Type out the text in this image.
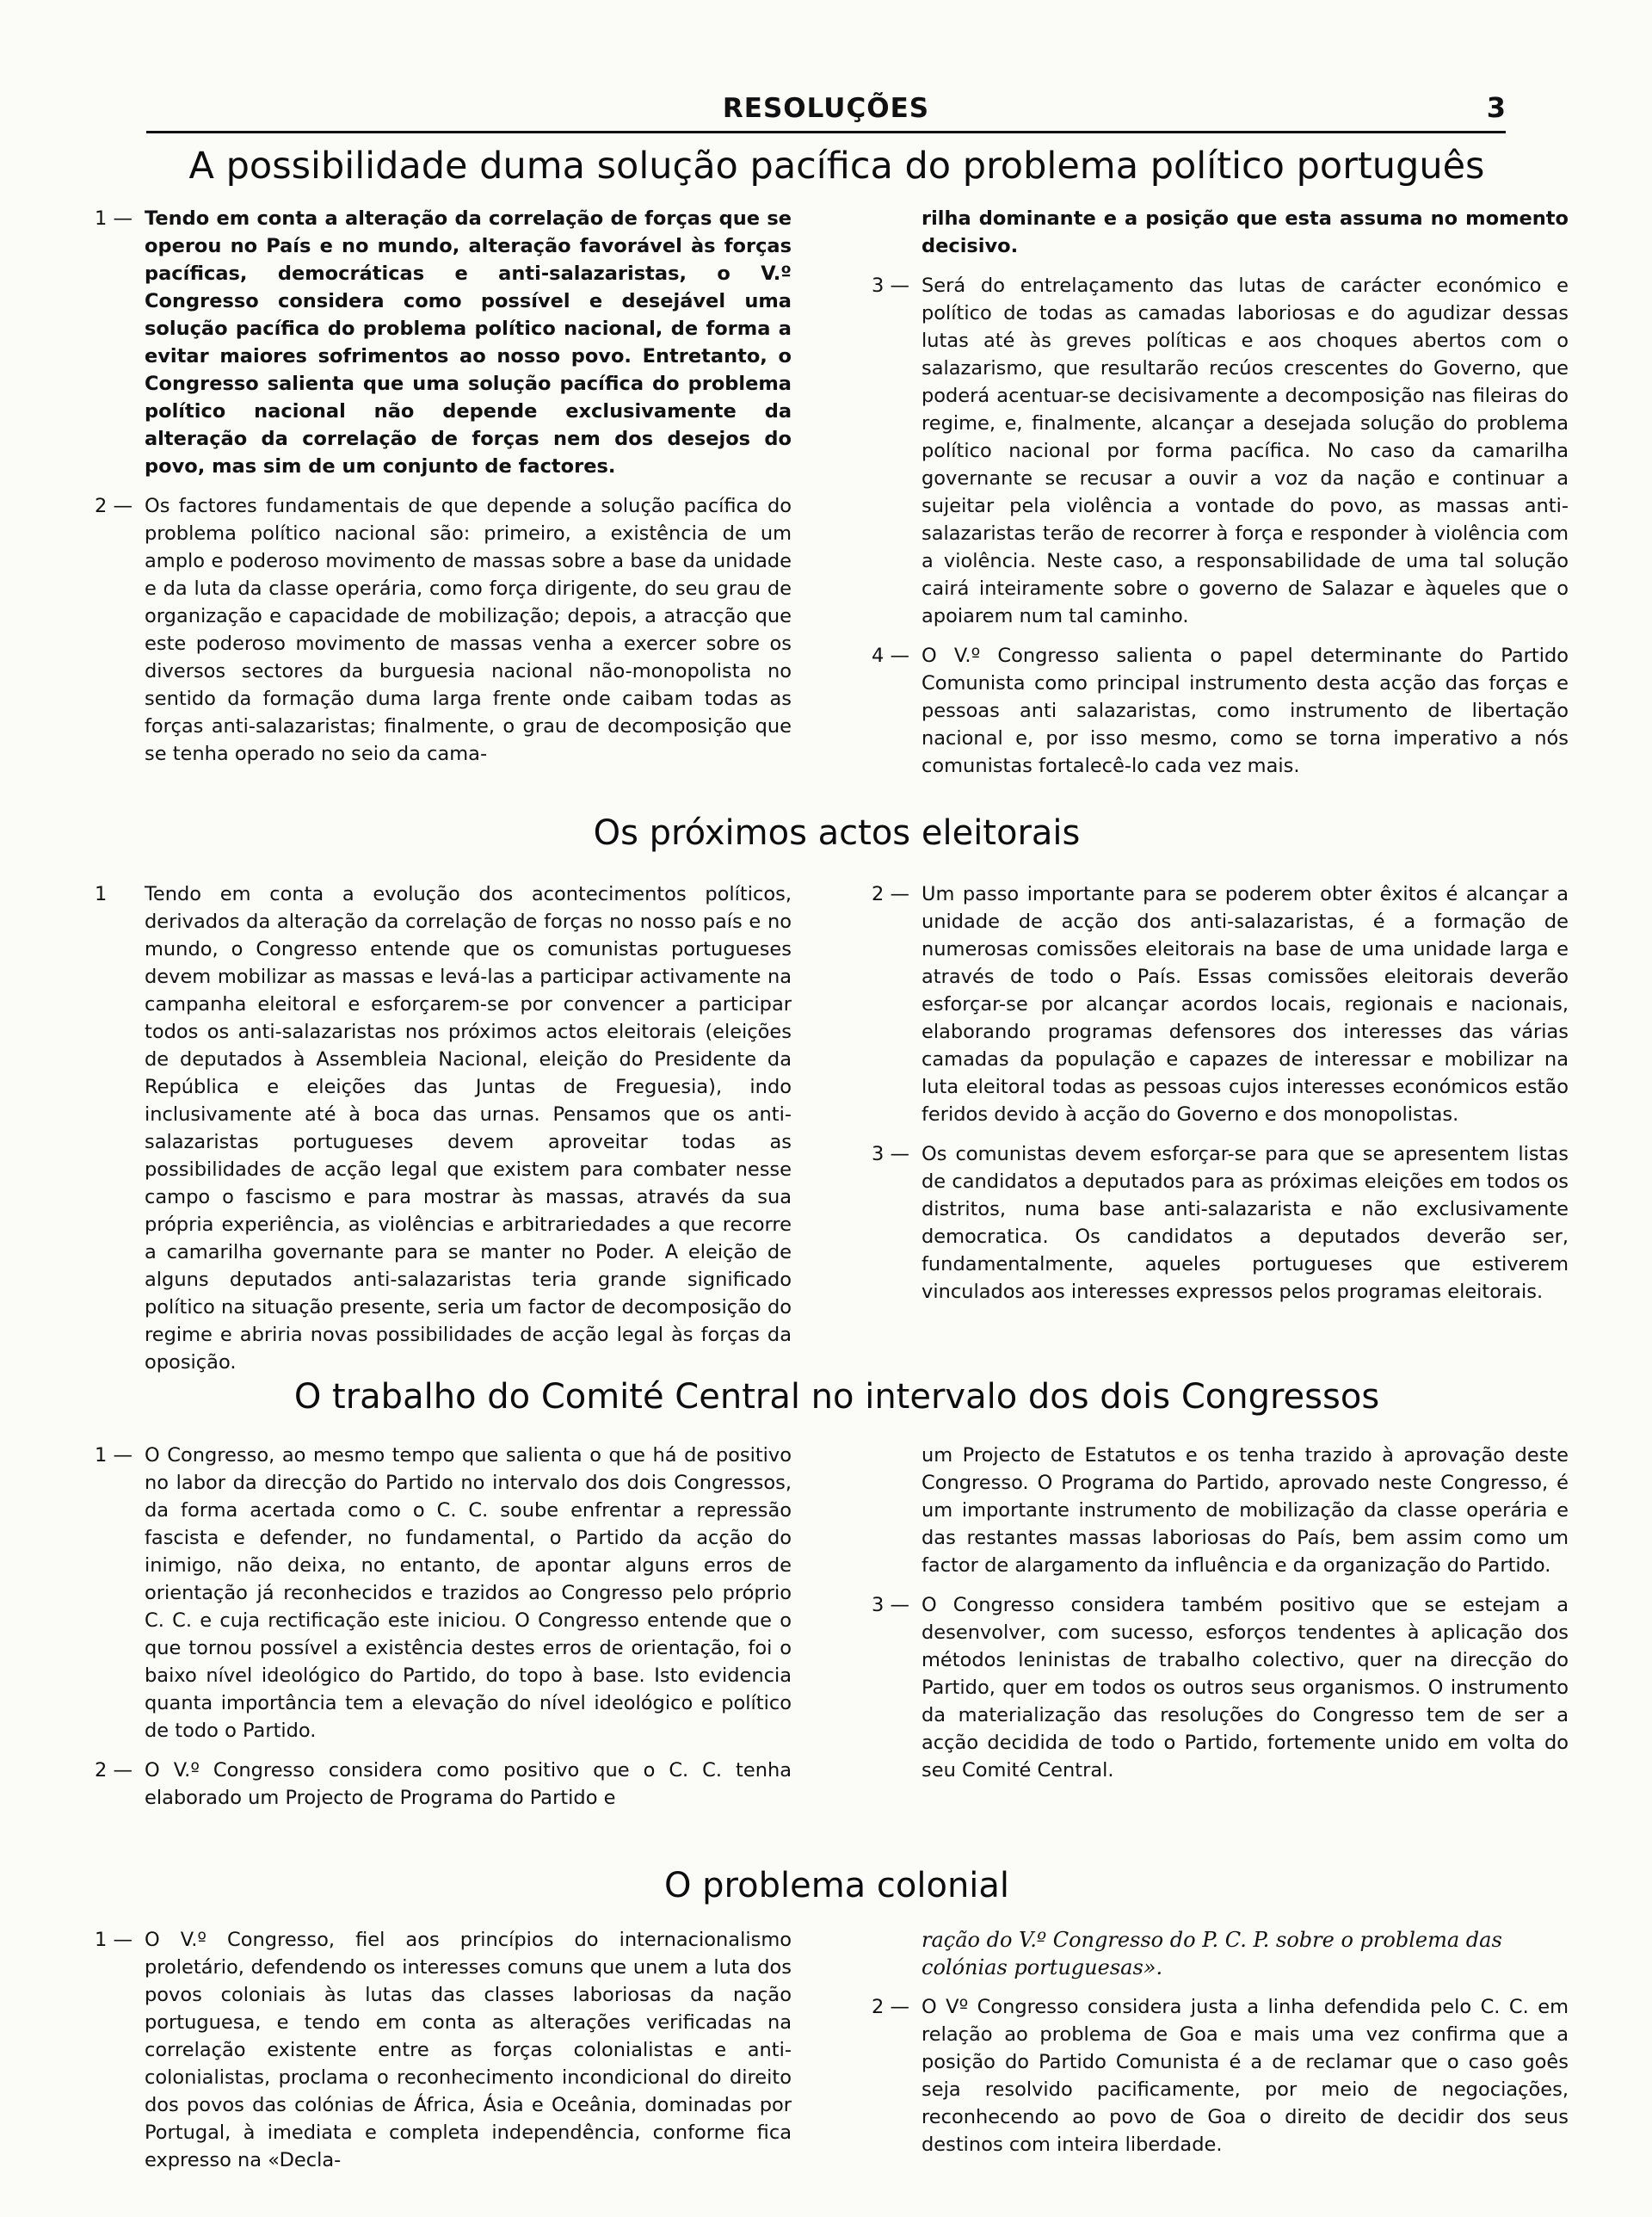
RESOLUÇÕES	3
A possibilidade duma solução pacífica do problema político português
1 — Tendo em conta a alteração da correlação de forças que se operou no País e no mundo, alteração favorável às forças pacíficas, democráticas e anti-salazaristas, o V.º Congresso considera como possível e desejável uma solução pacífica do problema político nacional, de forma a evitar maiores sofrimentos ao nosso povo. Entretanto, o Congresso salienta que uma solução pacífica do problema político nacional não depende exclusivamente da alteração da correlação de forças nem dos desejos do povo, mas sim de um conjunto de factores.
2 — Os factores fundamentais de que depende a solução pacífica do problema político nacional são: primeiro, a existência de um amplo e poderoso movimento de massas sobre a base da unidade e da luta da classe operária, como força dirigente, do seu grau de organização e capacidade de mobilização; depois, a atracção que este poderoso movimento de massas venha a exercer sobre os diversos sectores da burguesia nacional não-monopolista no sentido da formação duma larga frente onde caibam todas as forças anti-salazaristas; finalmente, o grau de decomposição que se tenha operado no seio da cama-
rilha dominante e a posição que esta assuma no momento decisivo.
3 — Será do entrelaçamento das lutas de carácter económico e político de todas as camadas laboriosas e do agudizar dessas lutas até às greves políticas e aos choques abertos com o salazarismo, que resultarão recúos crescentes do Governo, que poderá acentuar-se decisivamente a decomposição nas fileiras do regime, e, finalmente, alcançar a desejada solução do problema político nacional por forma pacífica. No caso da camarilha governante se recusar a ouvir a voz da nação e continuar a sujeitar pela violência a vontade do povo, as massas anti-salazaristas terão de recorrer à força e responder à violência com a violência. Neste caso, a responsabilidade de uma tal solução cairá inteiramente sobre o governo de Salazar e àqueles que o apoiarem num tal caminho.
4 — O V.º Congresso salienta o papel determinante do Partido Comunista como principal instrumento desta acção das forças e pessoas anti salazaristas, como instrumento de libertação nacional e, por isso mesmo, como se torna imperativo a nós comunistas fortalecê-lo cada vez mais.
Os próximos actos eleitorais
1	Tendo em conta a evolução dos acontecimentos políticos, derivados da alteração da correlação de forças no nosso país e no mundo, o Congresso entende que os comunistas portugueses devem mobilizar as massas e levá-las a participar activamente na campanha eleitoral e esforçarem-se por convencer a participar todos os anti-salazaristas nos próximos actos eleitorais (eleições de deputados à Assembleia Nacional, eleição do Presidente da República e eleições das Juntas de Freguesia), indo inclusivamente até à boca das urnas. Pensamos que os anti-salazaristas portugueses devem aproveitar todas as possibilidades de acção legal que existem para combater nesse campo o fascismo e para mostrar às massas, através da sua própria experiência, as violências e arbitrariedades a que recorre a camarilha governante para se manter no Poder. A eleição de alguns deputados anti-salazaristas teria grande significado político na situação presente, seria um factor de decomposição do regime e abriria novas possibilidades de acção legal às forças da oposição.
2 — Um passo importante para se poderem obter êxitos é alcançar a unidade de acção dos anti-salazaristas, é a formação de numerosas comissões eleitorais na base de uma unidade larga e através de todo o País. Essas comissões eleitorais deverão esforçar-se por alcançar acordos locais, regionais e nacionais, elaborando programas defensores dos interesses das várias camadas da população e capazes de interessar e mobilizar na luta eleitoral todas as pessoas cujos interesses económicos estão feridos devido à acção do Governo e dos monopolistas.
3 — Os comunistas devem esforçar-se para que se apresentem listas de candidatos a deputados para as próximas eleições em todos os distritos, numa base anti-salazarista e não exclusivamente democratica. Os candidatos a deputados deverão ser, fundamentalmente, aqueles portugueses que estiverem vinculados aos interesses expressos pelos programas eleitorais.
O trabalho do Comité Central no intervalo dos dois Congressos
1 — O Congresso, ao mesmo tempo que salienta o que há de positivo no labor da direcção do Partido no intervalo dos dois Congressos, da forma acertada como o C. C. soube enfrentar a repressão fascista e defender, no fundamental, o Partido da acção do inimigo, não deixa, no entanto, de apontar alguns erros de orientação já reconhecidos e trazidos ao Congresso pelo próprio C. C. e cuja rectificação este iniciou. O Congresso entende que o que tornou possível a existência destes erros de orientação, foi o baixo nível ideológico do Partido, do topo à base. Isto evidencia quanta importância tem a elevação do nível ideológico e político de todo o Partido.
2 — O V.º Congresso considera como positivo que o C. C. tenha elaborado um Projecto de Programa do Partido e
um Projecto de Estatutos e os tenha trazido à aprovação deste Congresso. O Programa do Partido, aprovado neste Congresso, é um importante instrumento de mobilização da classe operária e das restantes massas laboriosas do País, bem assim como um factor de alargamento da influência e da organização do Partido.
3 — O Congresso considera também positivo que se estejam a desenvolver, com sucesso, esforços tendentes à aplicação dos métodos leninistas de trabalho colectivo, quer na direcção do Partido, quer em todos os outros seus organismos. O instrumento da materialização das resoluções do Congresso tem de ser a acção decidida de todo o Partido, fortemente unido em volta do seu Comité Central.
O problema colonial
1 — O V.º Congresso, fiel aos princípios do internacionalismo proletário, defendendo os interesses comuns que unem a luta dos povos coloniais às lutas das classes laboriosas da nação portuguesa, e tendo em conta as alterações verificadas na correlação existente entre as forças colonialistas e anti-colonialistas, proclama o reconhecimento incondicional do direito dos povos das colónias de África, Ásia e Oceânia, dominadas por Portugal, à imediata e completa independência, conforme fica expresso na «Decla-
ração do V.º Congresso do P. C. P. sobre o problema das colónias portuguesas».
2 — O Vº Congresso considera justa a linha defendida pelo C. C. em relação ao problema de Goa e mais uma vez confirma que a posição do Partido Comunista é a de reclamar que o caso goês seja resolvido pacificamente, por meio de negociações, reconhecendo ao povo de Goa o direito de decidir dos seus destinos com inteira liberdade.
